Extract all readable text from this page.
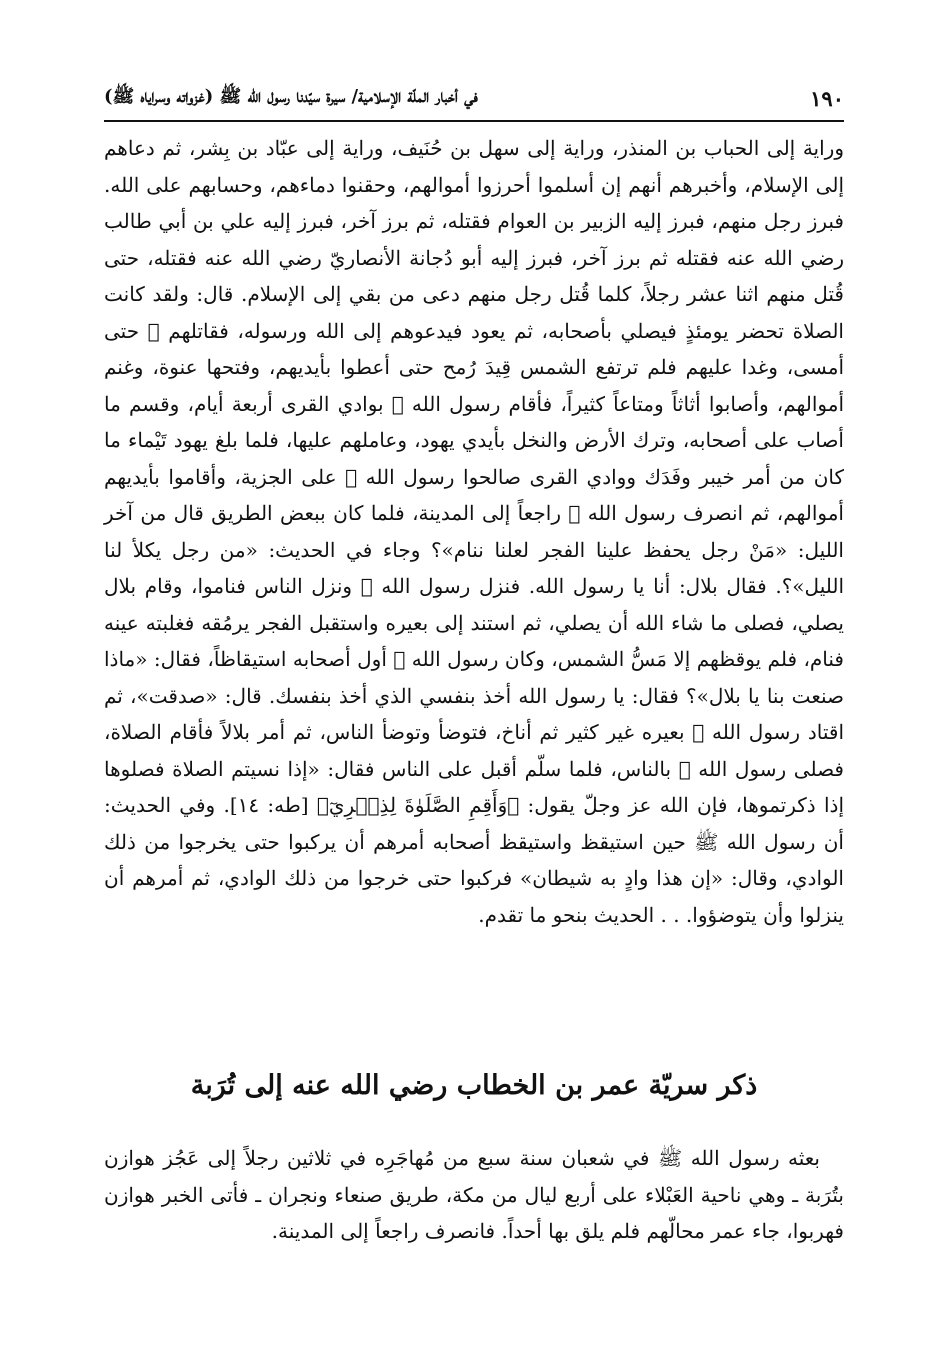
١٩٠
في أخبار الملّة الإسلامية/ سيرة سيّدنا رسول الله ﷺ (غزواته وسراياه ﷺ)

وراية إلى الحباب بن المنذر، وراية إلى سهل بن حُنَيف، وراية إلى عبّاد بن بِشر، ثم دعاهم إلى الإسلام، وأخبرهم أنهم إن أسلموا أحرزوا أموالهم، وحقنوا دماءهم، وحسابهم على الله. فبرز رجل منهم، فبرز إليه الزبير بن العوام فقتله، ثم برز آخر، فبرز إليه علي بن أبي طالب رضي الله عنه فقتله ثم برز آخر، فبرز إليه أبو دُجانة الأنصاريّ رضي الله عنه فقتله، حتى قُتل منهم اثنا عشر رجلاً، كلما قُتل رجل منهم دعى من بقي إلى الإسلام. قال: ولقد كانت الصلاة تحضر يومئذٍ فيصلي بأصحابه، ثم يعود فيدعوهم إلى الله ورسوله، فقاتلهم ﷺ حتى أمسى، وغدا عليهم فلم ترتفع الشمس قِيدَ رُمح حتى أعطوا بأيديهم، وفتحها عنوة، وغنم أموالهم، وأصابوا أثاثاً ومتاعاً كثيراً، فأقام رسول الله ﷺ بوادي القرى أربعة أيام، وقسم ما أصاب على أصحابه، وترك الأرض والنخل بأيدي يهود، وعاملهم عليها، فلما بلغ يهود تَيْماء ما كان من أمر خيبر وفَدَك ووادي القرى صالحوا رسول الله ﷺ على الجزية، وأقاموا بأيديهم أموالهم، ثم انصرف رسول الله ﷺ راجعاً إلى المدينة، فلما كان ببعض الطريق قال من آخر الليل: «مَنْ رجل يحفظ علينا الفجر لعلنا ننام»؟ وجاء في الحديث: «من رجل يكلأ لنا الليل»؟. فقال بلال: أنا يا رسول الله. فنزل رسول الله ﷺ ونزل الناس فناموا، وقام بلال يصلي، فصلى ما شاء الله أن يصلي، ثم استند إلى بعيره واستقبل الفجر يرمُقه فغلبته عينه فنام، فلم يوقظهم إلا مَسُّ الشمس، وكان رسول الله ﷺ أول أصحابه استيقاظاً، فقال: «ماذا صنعت بنا يا بلال»؟ فقال: يا رسول الله أخذ بنفسي الذي أخذ بنفسك. قال: «صدقت»، ثم اقتاد رسول الله ﷺ بعيره غير كثير ثم أناخ، فتوضأ وتوضأ الناس، ثم أمر بلالاً فأقام الصلاة، فصلى رسول الله ﷺ بالناس، فلما سلّم أقبل على الناس فقال: «إذا نسيتم الصلاة فصلوها إذا ذكرتموها، فإن الله عز وجلّ يقول: ﴿وَأَقِمِ الصَّلَوٰةَ لِذِكۡرِيٓ﴾ [طه: ١٤]. وفي الحديث: أن رسول الله ﷺ حين استيقظ واستيقظ أصحابه أمرهم أن يركبوا حتى يخرجوا من ذلك الوادي، وقال: «إن هذا وادٍ به شيطان» فركبوا حتى خرجوا من ذلك الوادي، ثم أمرهم أن ينزلوا وأن يتوضؤوا. . . الحديث بنحو ما تقدم.

ذكر سريّة عمر بن الخطاب رضي الله عنه إلى تُرَبة

بعثه رسول الله ﷺ في شعبان سنة سبع من مُهاجَرِه في ثلاثين رجلاً إلى عَجُز هوازن بتُرَبة ـ وهي ناحية العَبْلاء على أربع ليال من مكة، طريق صنعاء ونجران ـ فأتى الخبر هوازن فهربوا، جاء عمر محالّهم فلم يلق بها أحداً. فانصرف راجعاً إلى المدينة.
